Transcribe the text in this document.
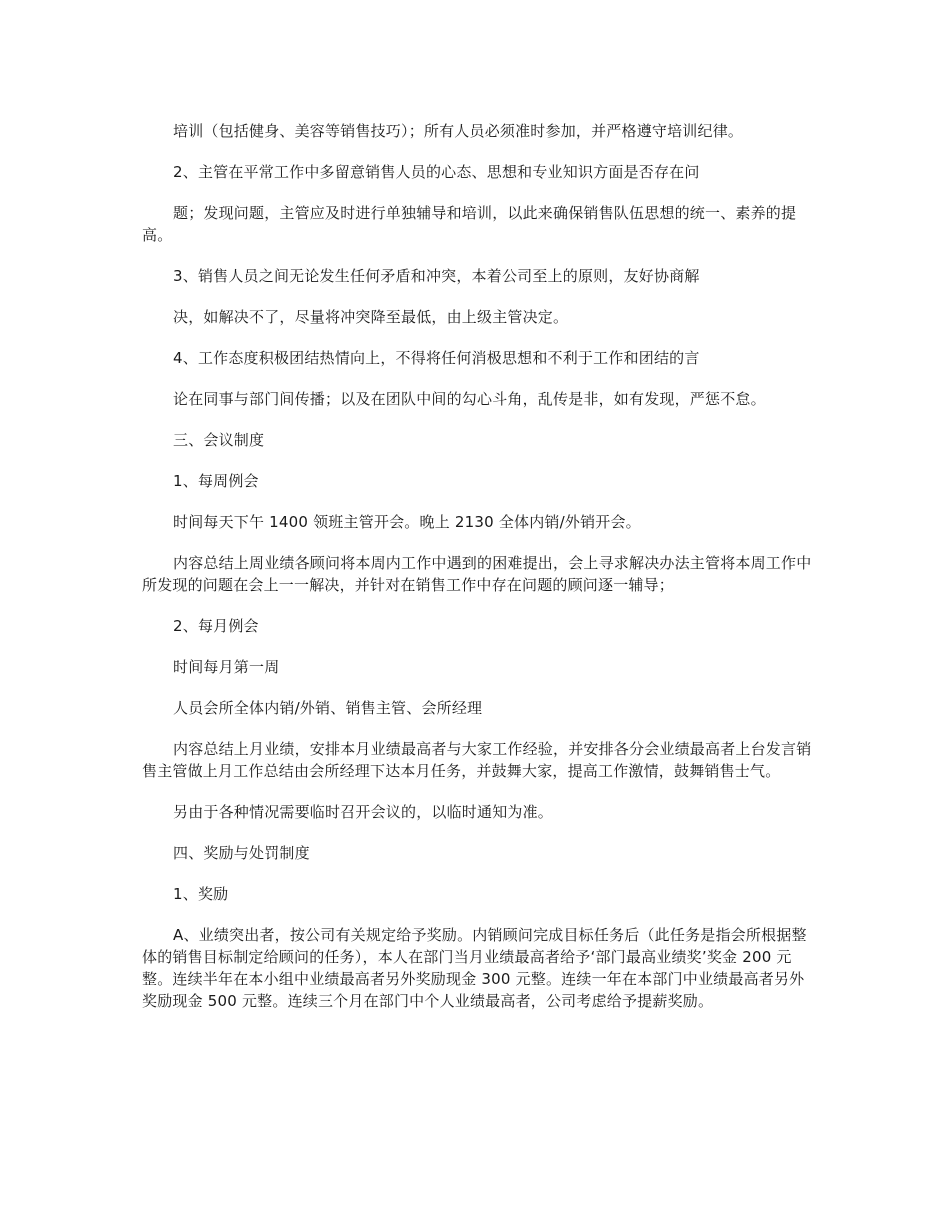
培训（包括健身、美容等销售技巧）；所有人员必须准时参加，并严格遵守培训纪律。

2、主管在平常工作中多留意销售人员的心态、思想和专业知识方面是否存在问

题；发现问题，主管应及时进行单独辅导和培训，以此来确保销售队伍思想的统一、素养的提高。

3、销售人员之间无论发生任何矛盾和冲突，本着公司至上的原则，友好协商解

决，如解决不了，尽量将冲突降至最低，由上级主管决定。

4、工作态度积极团结热情向上，不得将任何消极思想和不利于工作和团结的言

论在同事与部门间传播；以及在团队中间的勾心斗角，乱传是非，如有发现，严惩不怠。

三、会议制度

1、每周例会

时间每天下午 1400 领班主管开会。晚上 2130 全体内销/外销开会。

内容总结上周业绩各顾问将本周内工作中遇到的困难提出，会上寻求解决办法主管将本周工作中所发现的问题在会上一一解决，并针对在销售工作中存在问题的顾问逐一辅导；

2、每月例会

时间每月第一周

人员会所全体内销/外销、销售主管、会所经理

内容总结上月业绩，安排本月业绩最高者与大家工作经验，并安排各分会业绩最高者上台发言销售主管做上月工作总结由会所经理下达本月任务，并鼓舞大家，提高工作激情，鼓舞销售士气。

另由于各种情况需要临时召开会议的，以临时通知为准。

四、奖励与处罚制度

1、奖励

A、业绩突出者，按公司有关规定给予奖励。内销顾问完成目标任务后（此任务是指会所根据整体的销售目标制定给顾问的任务），本人在部门当月业绩最高者给予‘部门最高业绩奖’奖金 200 元整。连续半年在本小组中业绩最高者另外奖励现金 300 元整。连续一年在本部门中业绩最高者另外奖励现金 500 元整。连续三个月在部门中个人业绩最高者，公司考虑给予提薪奖励。
